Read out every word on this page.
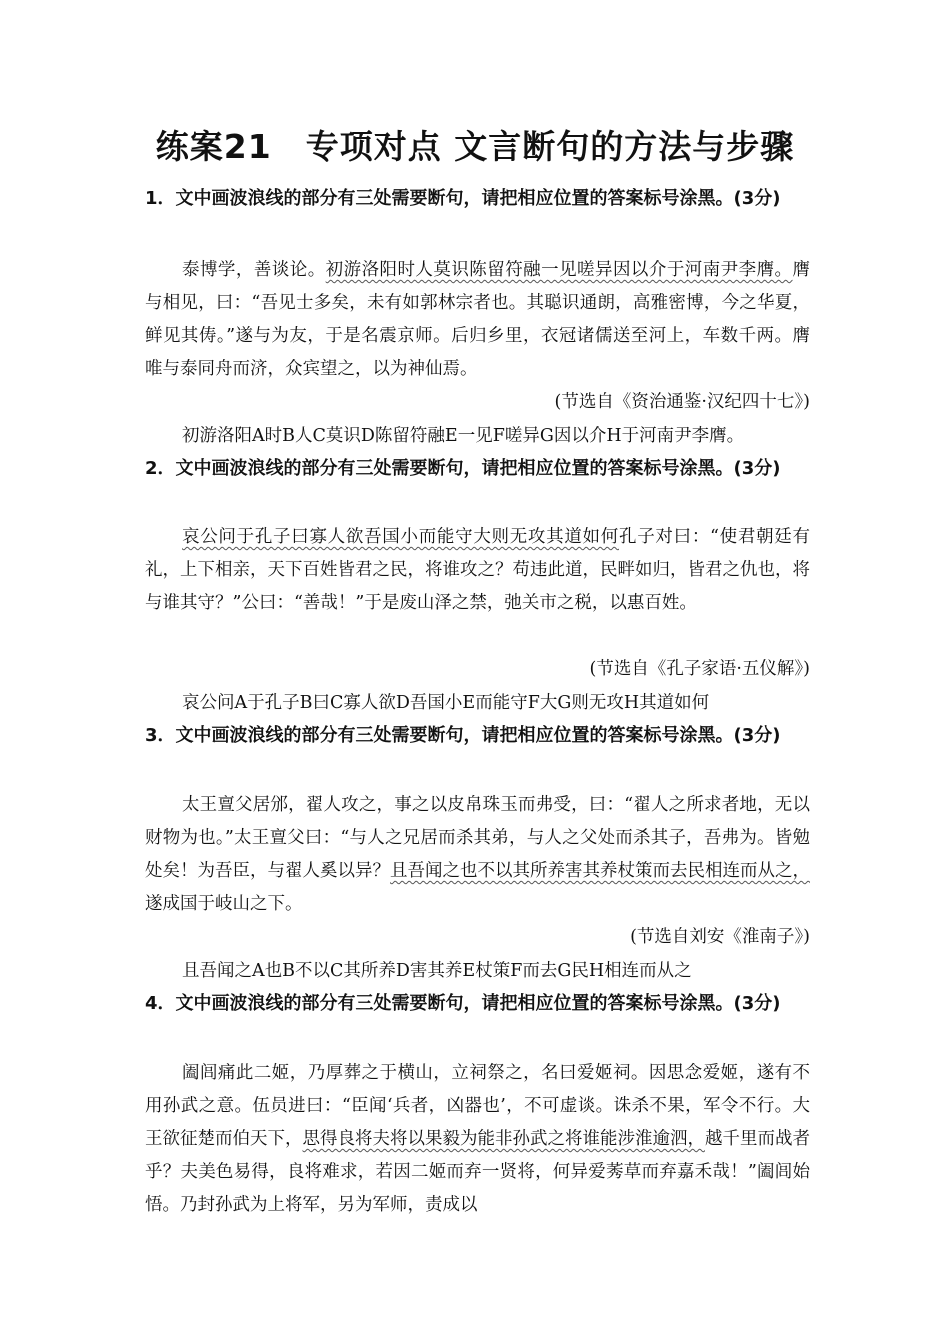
练案21　专项对点 文言断句的方法与步骤
1．文中画波浪线的部分有三处需要断句，请把相应位置的答案标号涂黑。(3分)

泰博学，善谈论。初游洛阳时人莫识陈留符融一见嗟异因以介于河南尹李膺。膺与相见，曰：“吾见士多矣，未有如郭林宗者也。其聪识通朗，高雅密博，今之华夏，鲜见其俦。”遂与为友，于是名震京师。后归乡里，衣冠诸儒送至河上，车数千两。膺唯与泰同舟而济，众宾望之，以为神仙焉。

(节选自《资治通鉴·汉纪四十七》)
初游洛阳A时B人C莫识D陈留符融E一见F嗟异G因以介H于河南尹李膺。
2．文中画波浪线的部分有三处需要断句，请把相应位置的答案标号涂黑。(3分)

哀公问于孔子曰寡人欲吾国小而能守大则无攻其道如何孔子对曰：“使君朝廷有礼，上下相亲，天下百姓皆君之民，将谁攻之？苟违此道，民畔如归，皆君之仇也，将与谁其守？”公曰：“善哉！”于是废山泽之禁，弛关市之税，以惠百姓。

(节选自《孔子家语·五仪解》)
哀公问A于孔子B曰C寡人欲D吾国小E而能守F大G则无攻H其道如何
3．文中画波浪线的部分有三处需要断句，请把相应位置的答案标号涂黑。(3分)

太王亶父居邠，翟人攻之，事之以皮帛珠玉而弗受，曰：“翟人之所求者地，无以财物为也。”太王亶父曰：“与人之兄居而杀其弟，与人之父处而杀其子，吾弗为。皆勉处矣！为吾臣，与翟人奚以异？且吾闻之也不以其所养害其养杖策而去民相连而从之，遂成国于岐山之下。

(节选自刘安《淮南子》)
且吾闻之A也B不以C其所养D害其养E杖策F而去G民H相连而从之
4．文中画波浪线的部分有三处需要断句，请把相应位置的答案标号涂黑。(3分)

阖闾痛此二姬，乃厚葬之于横山，立祠祭之，名曰爱姬祠。因思念爱姬，遂有不用孙武之意。伍员进曰：“臣闻‘兵者，凶器也’，不可虚谈。诛杀不果，军令不行。大王欲征楚而伯天下，思得良将夫将以果毅为能非孙武之将谁能涉淮逾泗，越千里而战者乎？夫美色易得，良将难求，若因二姬而弃一贤将，何异爱莠草而弃嘉禾哉！”阖闾始悟。乃封孙武为上将军，另为军师，责成以
